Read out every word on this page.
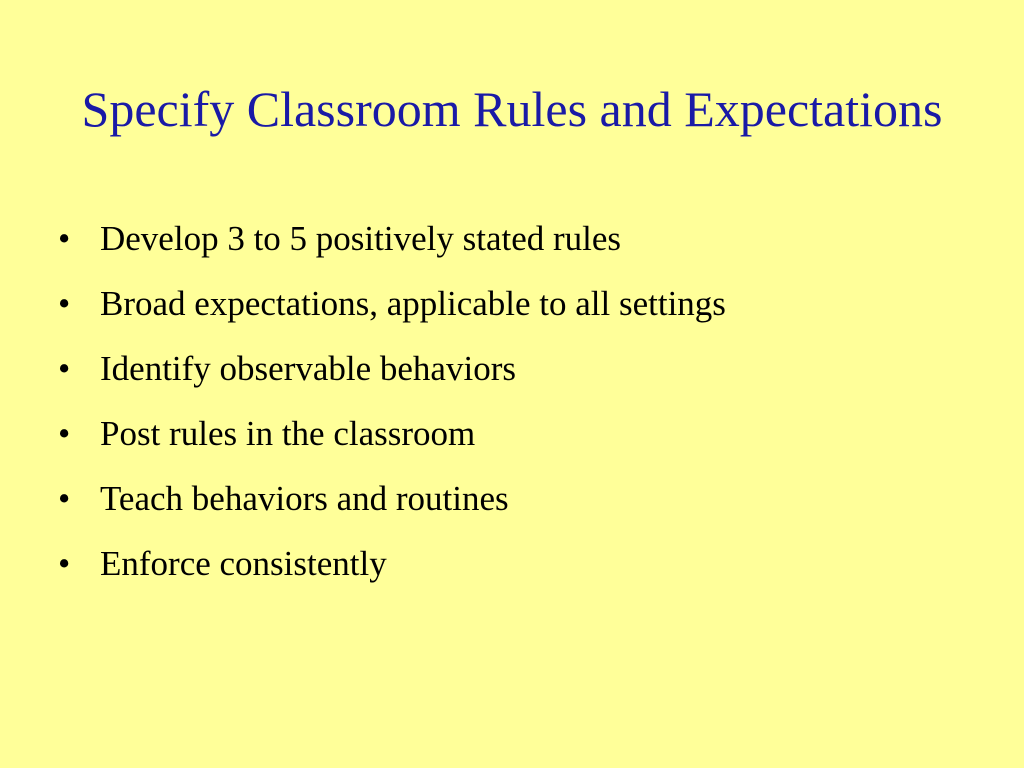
Specify Classroom Rules and Expectations
• Develop 3 to 5 positively stated rules
• Broad expectations, applicable to all settings
• Identify observable behaviors
• Post rules in the classroom
• Teach behaviors and routines
• Enforce consistently
